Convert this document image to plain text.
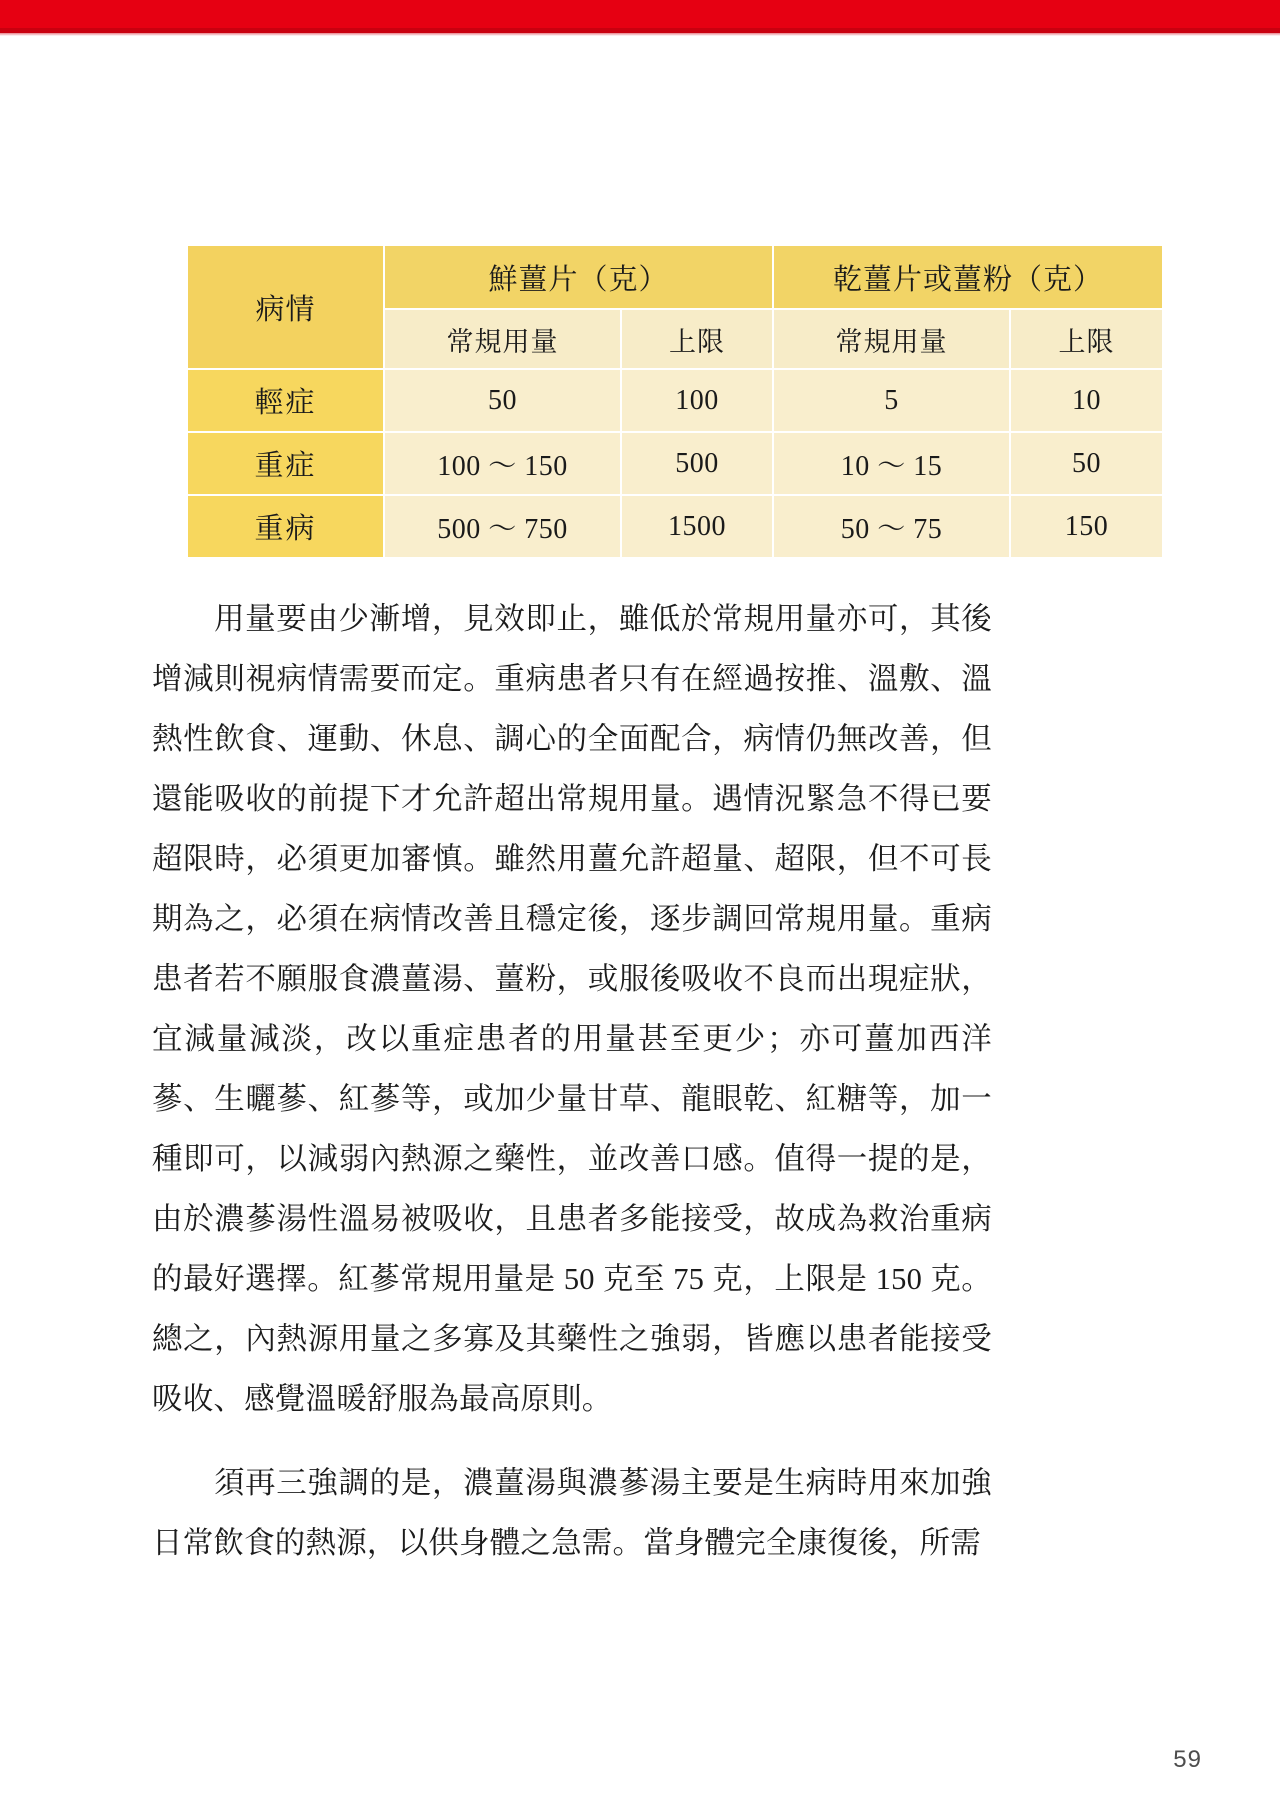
病情	鮮薑片（克）		乾薑片或薑粉（克）	
	常規用量	上限	常規用量	上限
輕症	50	100	5	10
重症	100 〜 150	500	10 〜 15	50
重病	500 〜 750	1500	50 〜 75	150

用量要由少漸增，見效即止，雖低於常規用量亦可，其後增減則視病情需要而定。重病患者只有在經過按推、溫敷、溫熱性飲食、運動、休息、調心的全面配合，病情仍無改善，但還能吸收的前提下才允許超出常規用量。遇情況緊急不得已要超限時，必須更加審慎。雖然用薑允許超量、超限，但不可長期為之，必須在病情改善且穩定後，逐步調回常規用量。重病患者若不願服食濃薑湯、薑粉，或服後吸收不良而出現症狀，宜減量減淡，改以重症患者的用量甚至更少；亦可薑加西洋蔘、生曬蔘、紅蔘等，或加少量甘草、龍眼乾、紅糖等，加一種即可，以減弱內熱源之藥性，並改善口感。值得一提的是，由於濃蔘湯性溫易被吸收，且患者多能接受，故成為救治重病的最好選擇。紅蔘常規用量是 50 克至 75 克，上限是 150 克。總之，內熱源用量之多寡及其藥性之強弱，皆應以患者能接受吸收、感覺溫暖舒服為最高原則。

須再三強調的是，濃薑湯與濃蔘湯主要是生病時用來加強日常飲食的熱源，以供身體之急需。當身體完全康復後，所需

59
